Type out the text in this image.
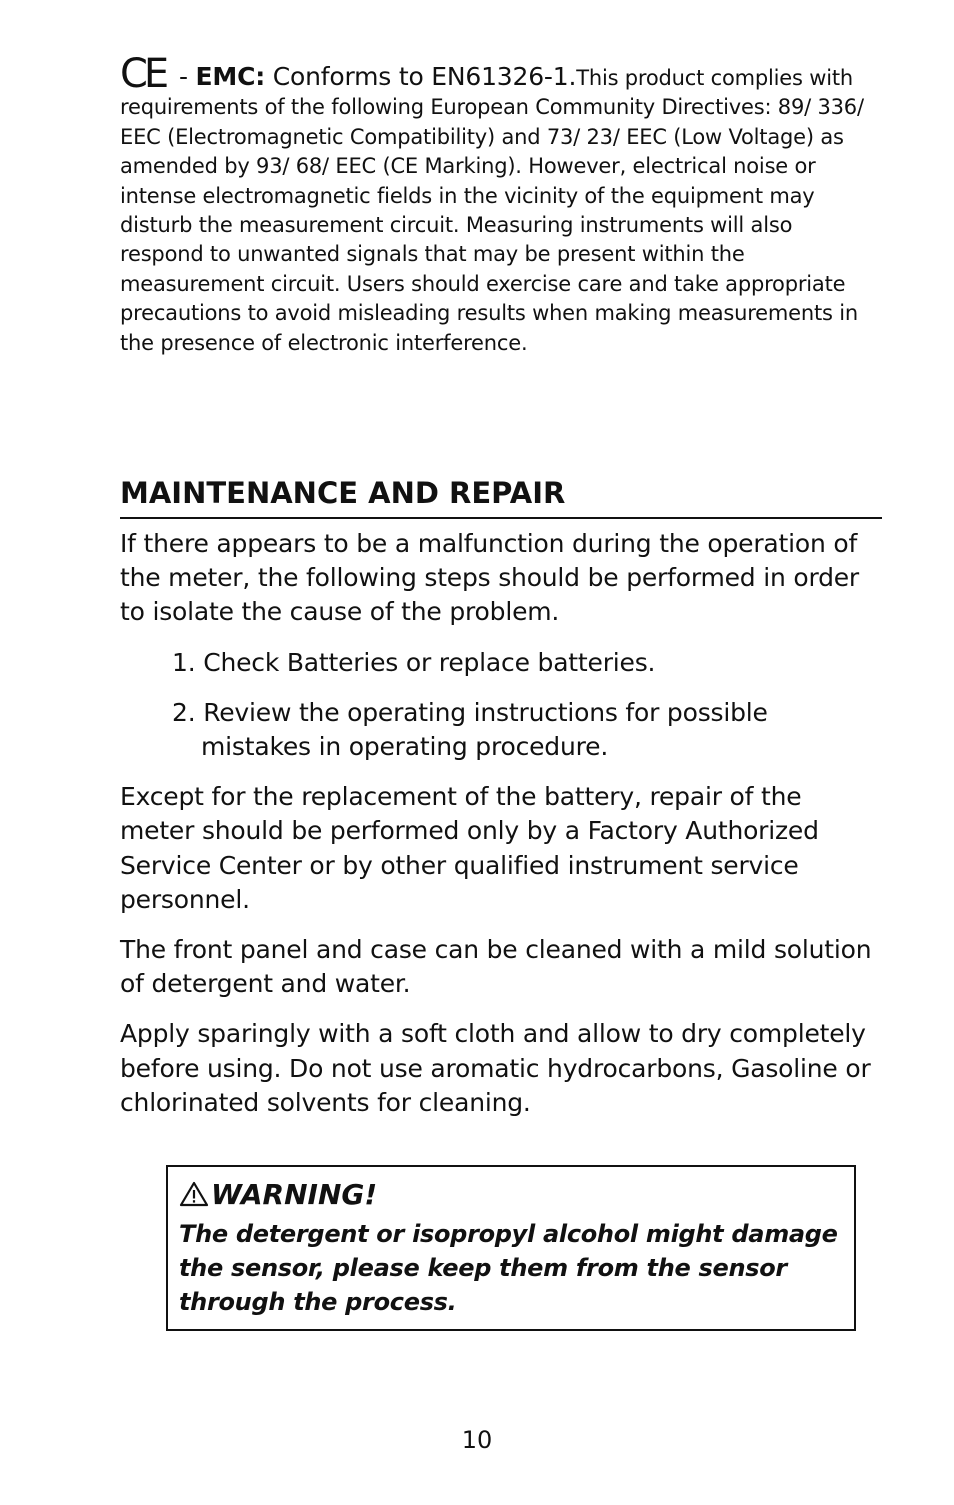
CE - EMC: Conforms to EN61326-1.This product complies with requirements of the following European Community Directives: 89/ 336/ EEC (Electromagnetic Compatibility) and 73/ 23/ EEC (Low Voltage) as amended by 93/ 68/ EEC (CE Marking). However, electrical noise or intense electromagnetic fields in the vicinity of the equipment may disturb the measurement circuit. Measuring instruments will also respond to unwanted signals that may be present within the measurement circuit. Users should exercise care and take appropriate precautions to avoid misleading results when making measurements in the presence of electronic interference.

MAINTENANCE AND REPAIR

If there appears to be a malfunction during the operation of the meter, the following steps should be performed in order to isolate the cause of the problem.

1. Check Batteries or replace batteries.
2. Review the operating instructions for possible mistakes in operating procedure.

Except for the replacement of the battery, repair of the meter should be performed only by a Factory Authorized Service Center or by other qualified instrument service personnel.

The front panel and case can be cleaned with a mild solution of detergent and water.

Apply sparingly with a soft cloth and allow to dry completely before using. Do not use aromatic hydrocarbons, Gasoline or chlorinated solvents for cleaning.

WARNING!

The detergent or isopropyl alcohol might damage the sensor, please keep them from the sensor through the process.

10
